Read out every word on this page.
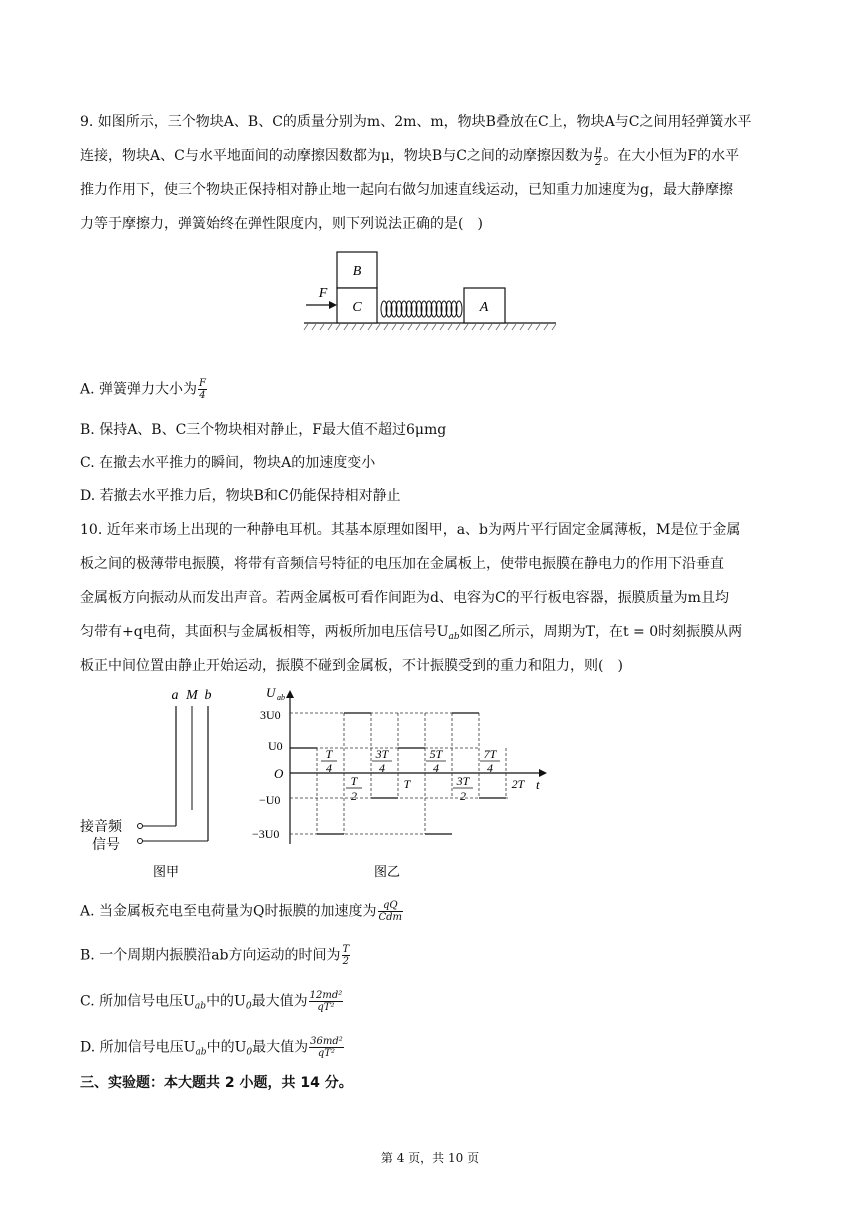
9. 如图所示，三个物块A、B、C的质量分别为m、2m、m，物块B叠放在C上，物块A与C之间用轻弹簧水平
连接，物块A、C与水平地面间的动摩擦因数都为μ，物块B与C之间的动摩擦因数为 $\frac{\mu}{2}$ 。在大小恒为F的水平
推力作用下，使三个物块正保持相对静止地一起向右做匀加速直线运动，已知重力加速度为g，最大静摩擦
力等于摩擦力，弹簧始终在弹性限度内，则下列说法正确的是(　)
B
C
F
A
A. 弹簧弹力大小为 $\frac{F}{4}$
B. 保持A、B、C三个物块相对静止，F最大值不超过6μmg
C. 在撤去水平推力的瞬间，物块A的加速度变小
D. 若撤去水平推力后，物块B和C仍能保持相对静止
10. 近年来市场上出现的一种静电耳机。其基本原理如图甲，a、b为两片平行固定金属薄板，M是位于金属
板之间的极薄带电振膜，将带有音频信号特征的电压加在金属板上，使带电振膜在静电力的作用下沿垂直
金属板方向振动从而发出声音。若两金属板可看作间距为d、电容为C的平行板电容器，振膜质量为m且均
匀带有+q电荷，其面积与金属板相等，两板所加电压信号$U_{ab}$如图乙所示，周期为T，在t = 0时刻振膜从两
板正中间位置由静止开始运动，振膜不碰到金属板，不计振膜受到的重力和阻力，则(　)
a M b
接音频
信号
图甲
U ab
t
O
3U0
U0
−U0
−3U0
T
4
T
2
3T
4
T
5T
4
3T
2
7T
4
2T
图乙
A. 当金属板充电至电荷量为Q时振膜的加速度为 $\frac{qQ}{\text{Cdm}}$
B. 一个周期内振膜沿ab方向运动的时间为 $\frac{T}{2}$
C. 所加信号电压$U_{ab}$中的$U_0$最大值为 $\frac{\text{12md²}}{\text{qT²}}$
D. 所加信号电压$U_{ab}$中的$U_0$最大值为 $\frac{\text{36md²}}{\text{qT²}}$
三、实验题：本大题共 2 小题，共 14 分。
第 4 页，共 10 页
